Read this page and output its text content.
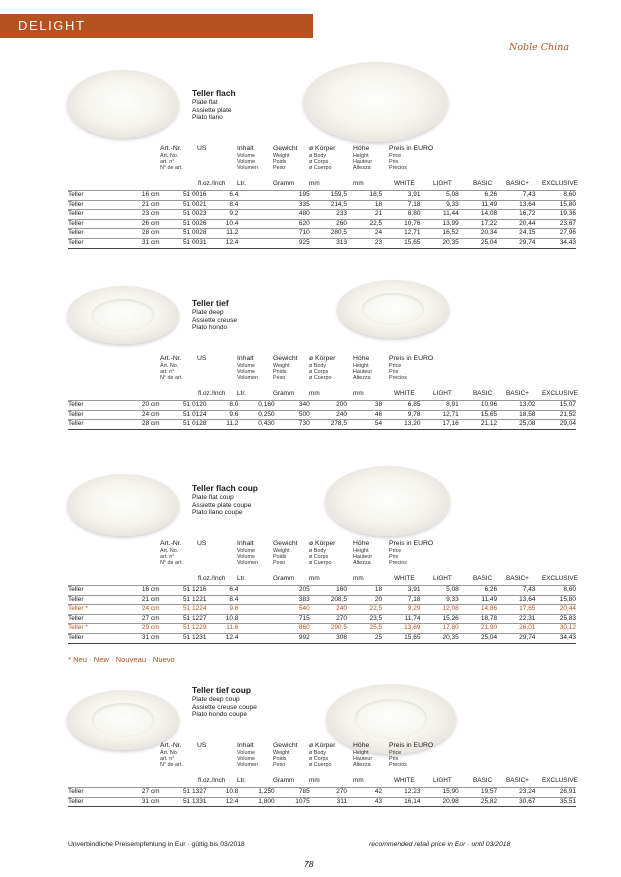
DELIGHT
Noble China
Teller flach
Plate flat
Assiette plate
Plato llano
Art.-Nr.
Art. No.
art. n°
N° de art.
US	Inhalt
Volume
Volume
Volumen
Gewicht
Weight
Poids
Peso
ø Körper
ø Body
ø Corps
ø Cuerpo
Höhe
Height
Hauteur
Altezza
Preis in EURO
Price
Prix
Precios
fl.oz./Inch Ltr.	Gramm mm	mm	WHITE	LIGHT	BASIC BASIC+ EXCLUSIVE
Teller	16 cm	51 0016	6.4		195	159,5	18,5	3,91	5,08	6,26	7,43	8,60
Teller	21 cm	51 0021	8.4		335	214,5	18	7,18	9,33	11,49	13,64	15,80
Teller	23 cm	51 0023	9.2		480	233	21	8,80	11,44	14,08	16,72	19,36
Teller	26 cm	51 0026	10.4		620	260	22,5	10,76	13,99	17,22	20,44	23,67
Teller	28 cm	51 0028	11.2		710	280,5	24	12,71	16,52	20,34	24,15	27,96
Teller	31 cm	51 0031	12.4		925	313	23	15,65	20,35	25,04	29,74	34,43
Teller tief
Plate deep
Assiette creuse
Plato hondo
Art.-Nr.
Art. No.
art. n°
N° de art.
US	Inhalt
Volume
Volume
Volumen
Gewicht
Weight
Poids
Peso
ø Körper
ø Body
ø Corps
ø Cuerpo
Höhe
Height
Hauteur
Altezza
Preis in EURO
Price
Prix
Precios
fl.oz./Inch Ltr.	Gramm mm	mm	WHITE	LIGHT	BASIC BASIC+ EXCLUSIVE
Teller	20 cm	51 0120	8.0	0,160	340	200	38	6,85	8,91	10,96	13,02	15,07
Teller	24 cm	51 0124	9.6	0,250	500	240	46	9,78	12,71	15,65	18,58	21,52
Teller	28 cm	51 0128	11.2	0,430	730	278,5	54	13,20	17,16	21,12	25,08	29,04
Teller flach coup
Plate flat coup
Assiette plate coupe
Plato llano coupe
Art.-Nr.
Art. No.
art. n°
N° de art.
US	Inhalt
Volume
Volume
Volumen
Gewicht
Weight
Poids
Peso
ø Körper
ø Body
ø Corps
ø Cuerpo
Höhe
Height
Hauteur
Altezza
Preis in EURO
Price
Prix
Precios
fl.oz./Inch Ltr.	Gramm mm	mm	WHITE	LIGHT	BASIC BASIC+ EXCLUSIVE
Teller	16 cm	51 1216	6.4		205	160	18	3,91	5,08	6,26	7,43	8,60
Teller	21 cm	51 1221	8.4		383	208,5	20	7,18	9,33	11,49	13,64	15,80
Teller *	24 cm	51 1224	9.6		540	240	22,5	9,29	12,08	14,86	17,65	20,44
Teller	27 cm	51 1227	10.8		715	270	23,5	11,74	15,26	18,78	22,31	25,83
Teller *	29 cm	51 1229	11.6		860	290,5	25,5	13,69	17,80	21,90	26,01	30,12
Teller	31 cm	51 1231	12.4		992	308	25	15,65	20,35	25,04	29,74	34,43
Teller tief coup
Plate deep coup
Assiette creuse coupe
Plato hondo coupe
Art.-Nr.
Art. No.
art. n°
N° de art.
US	Inhalt
Volume
Volume
Volumen
Gewicht
Weight
Poids
Peso
ø Körper
ø Body
ø Corps
ø Cuerpo
Höhe
Height
Hauteur
Altezza
Preis in EURO
Price
Prix
Precios
fl.oz./Inch Ltr.	Gramm mm	mm	WHITE	LIGHT	BASIC BASIC+ EXCLUSIVE
Teller	27 cm	51 1327	10.8	1,250	785	270	42	12,23	15,90	19,57	23,24	26,91
Teller	31 cm	51 1331	12.4	1,800	1075	311	43	16,14	20,98	25,82	30,67	35,51
* Neu · New · Nouveau · Nuevo
Unverbindliche Preisempfehlung in Eur · gültig bis 03/2018	recommended retail price in Eur · until 03/2018
78
